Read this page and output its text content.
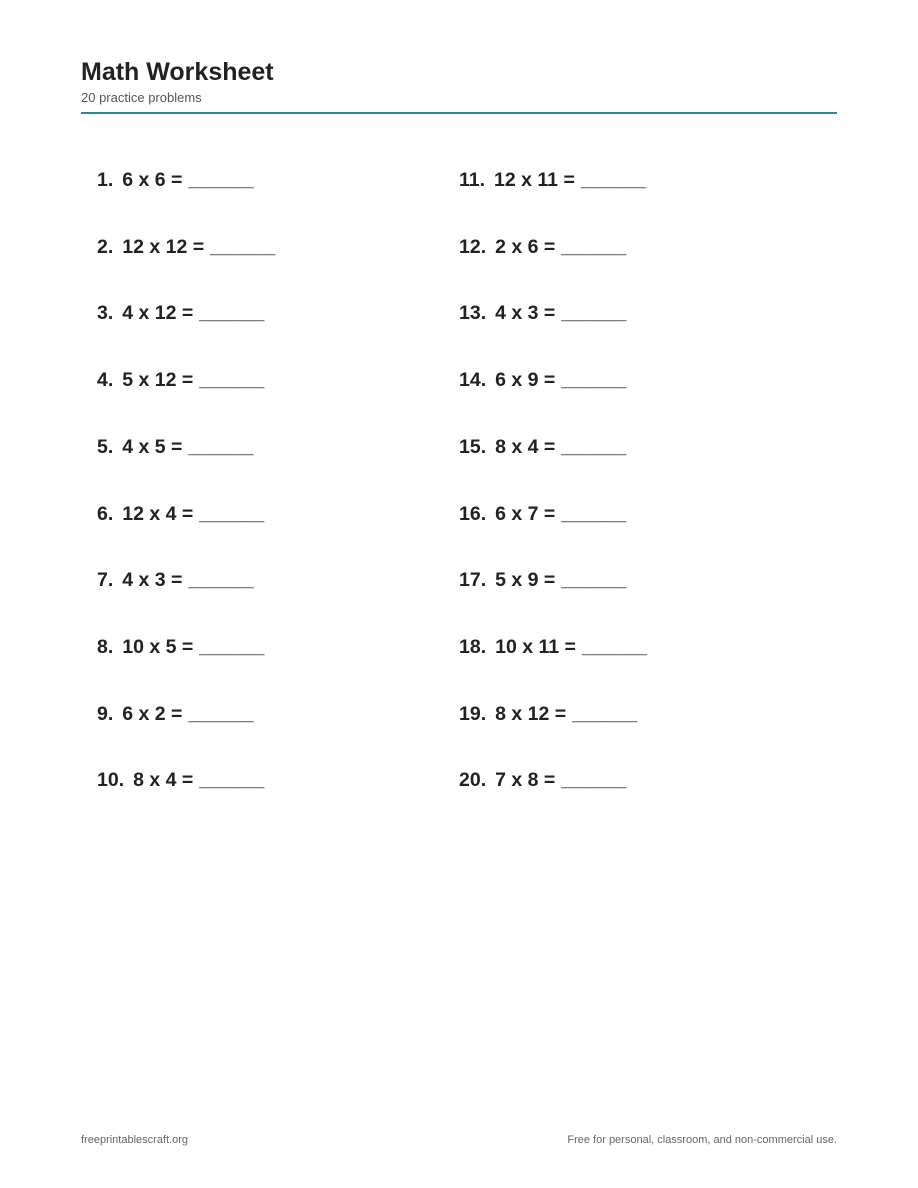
Math Worksheet
20 practice problems
1. 6 x 6 = ______
2. 12 x 12 = ______
3. 4 x 12 = ______
4. 5 x 12 = ______
5. 4 x 5 = ______
6. 12 x 4 = ______
7. 4 x 3 = ______
8. 10 x 5 = ______
9. 6 x 2 = ______
10. 8 x 4 = ______
11. 12 x 11 = ______
12. 2 x 6 = ______
13. 4 x 3 = ______
14. 6 x 9 = ______
15. 8 x 4 = ______
16. 6 x 7 = ______
17. 5 x 9 = ______
18. 10 x 11 = ______
19. 8 x 12 = ______
20. 7 x 8 = ______
freeprintablescraft.org	Free for personal, classroom, and non-commercial use.
